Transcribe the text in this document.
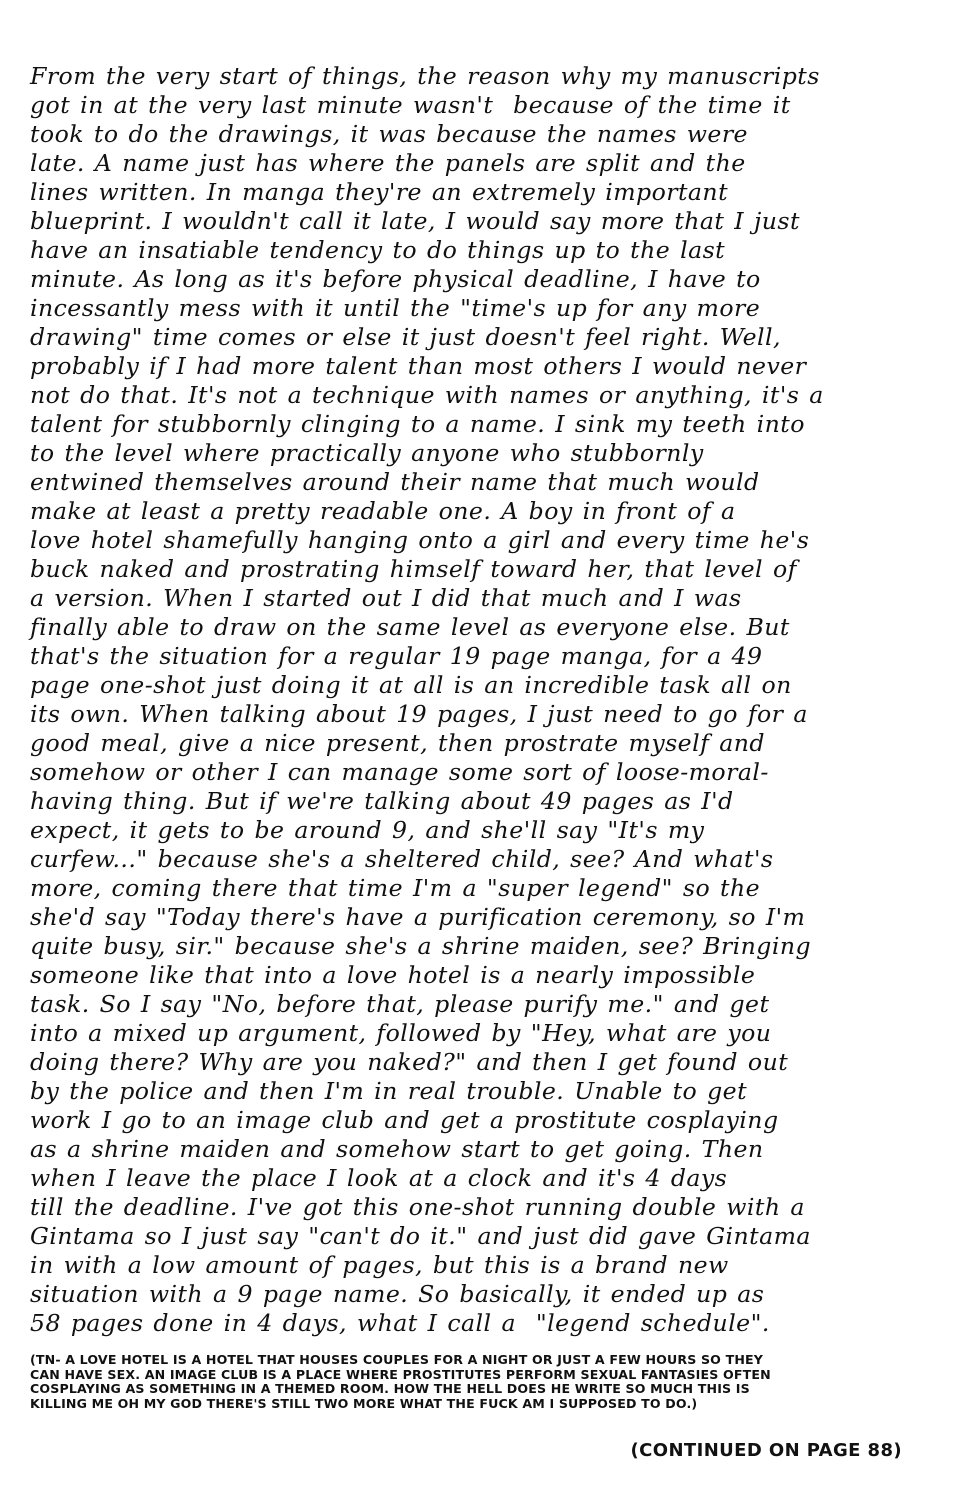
From the very start of things, the reason why my manuscripts
got in at the very last minute wasn't  because of the time it
took to do the drawings, it was because the names were
late. A name just has where the panels are split and the
lines written. In manga they're an extremely important
blueprint. I wouldn't call it late, I would say more that I just
have an insatiable tendency to do things up to the last
minute. As long as it's before physical deadline, I have to
incessantly mess with it until the "time's up for any more
drawing" time comes or else it just doesn't feel right. Well,
probably if I had more talent than most others I would never
not do that. It's not a technique with names or anything, it's a
talent for stubbornly clinging to a name. I sink my teeth into
to the level where practically anyone who stubbornly
entwined themselves around their name that much would
make at least a pretty readable one. A boy in front of a
love hotel shamefully hanging onto a girl and every time he's
buck naked and prostrating himself toward her, that level of
a version. When I started out I did that much and I was
finally able to draw on the same level as everyone else. But
that's the situation for a regular 19 page manga, for a 49
page one-shot just doing it at all is an incredible task all on
its own. When talking about 19 pages, I just need to go for a
good meal, give a nice present, then prostrate myself and
somehow or other I can manage some sort of loose-moral-
having thing. But if we're talking about 49 pages as I'd
expect, it gets to be around 9, and she'll say "It's my
curfew..." because she's a sheltered child, see? And what's
more, coming there that time I'm a "super legend" so the
she'd say "Today there's have a purification ceremony, so I'm
quite busy, sir." because she's a shrine maiden, see? Bringing
someone like that into a love hotel is a nearly impossible
task. So I say "No, before that, please purify me." and get
into a mixed up argument, followed by "Hey, what are you
doing there? Why are you naked?" and then I get found out
by the police and then I'm in real trouble. Unable to get
work I go to an image club and get a prostitute cosplaying
as a shrine maiden and somehow start to get going. Then
when I leave the place I look at a clock and it's 4 days
till the deadline. I've got this one-shot running double with a
Gintama so I just say "can't do it." and just did gave Gintama
in with a low amount of pages, but this is a brand new
situation with a 9 page name. So basically, it ended up as
58 pages done in 4 days, what I call a  "legend schedule".

(TN- A LOVE HOTEL IS A HOTEL THAT HOUSES COUPLES FOR A NIGHT OR JUST A FEW HOURS SO THEY
CAN HAVE SEX. AN IMAGE CLUB IS A PLACE WHERE PROSTITUTES PERFORM SEXUAL FANTASIES OFTEN
COSPLAYING AS SOMETHING IN A THEMED ROOM. HOW THE HELL DOES HE WRITE SO MUCH THIS IS
KILLING ME OH MY GOD THERE'S STILL TWO MORE WHAT THE FUCK AM I SUPPOSED TO DO.)

(CONTINUED ON PAGE 88)
